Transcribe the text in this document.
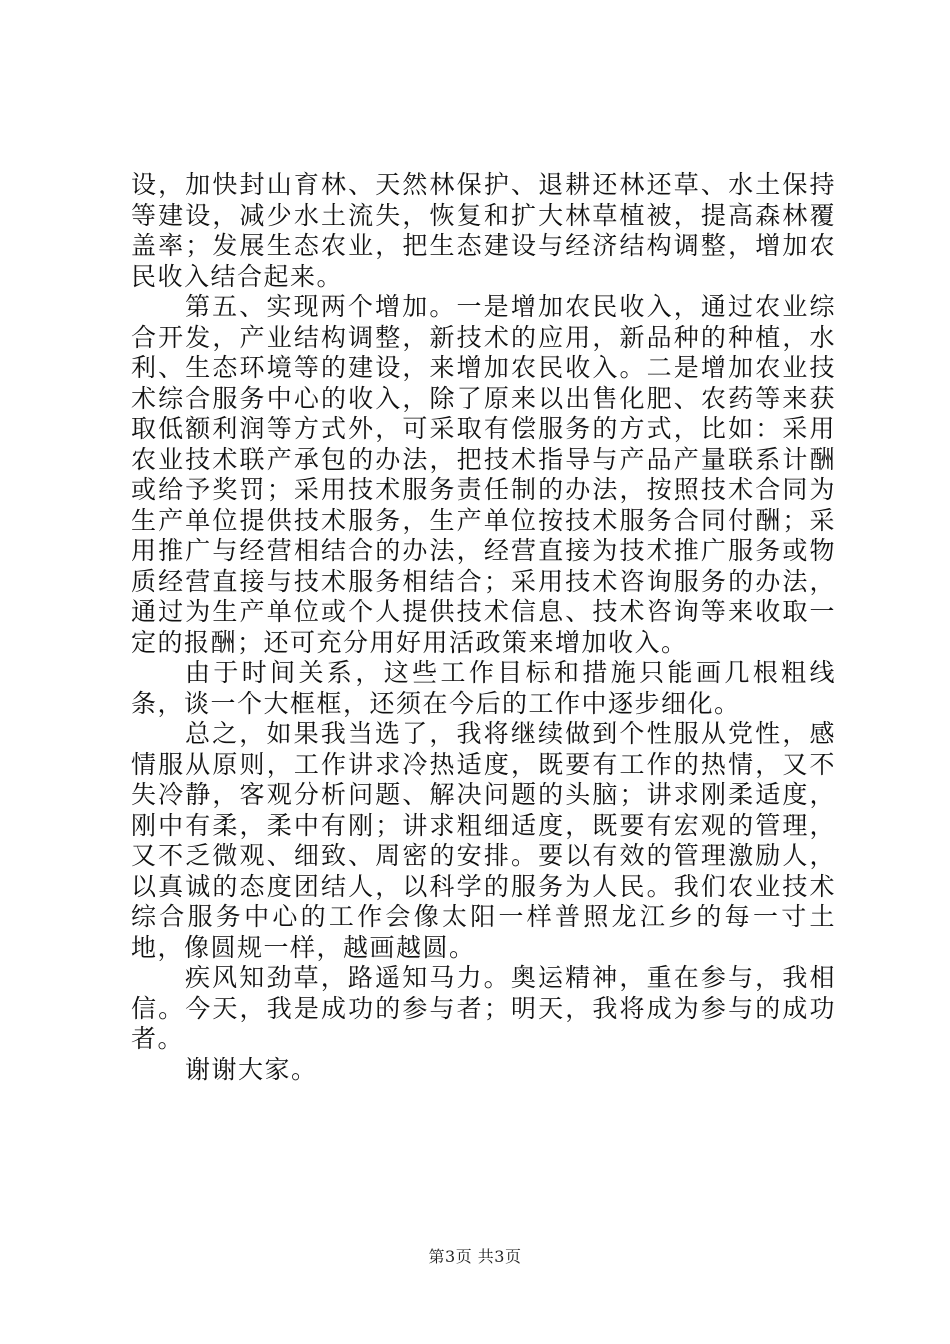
设，加快封山育林、天然林保护、退耕还林还草、水土保持等建设，减少水土流失，恢复和扩大林草植被，提高森林覆盖率；发展生态农业，把生态建设与经济结构调整，增加农民收入结合起来。

第五、实现两个增加。一是增加农民收入，通过农业综合开发，产业结构调整，新技术的应用，新品种的种植，水利、生态环境等的建设，来增加农民收入。二是增加农业技术综合服务中心的收入，除了原来以出售化肥、农药等来获取低额利润等方式外，可采取有偿服务的方式，比如：采用农业技术联产承包的办法，把技术指导与产品产量联系计酬或给予奖罚；采用技术服务责任制的办法，按照技术合同为生产单位提供技术服务，生产单位按技术服务合同付酬；采用推广与经营相结合的办法，经营直接为技术推广服务或物质经营直接与技术服务相结合；采用技术咨询服务的办法，通过为生产单位或个人提供技术信息、技术咨询等来收取一定的报酬；还可充分用好用活政策来增加收入。

由于时间关系，这些工作目标和措施只能画几根粗线条，谈一个大框框，还须在今后的工作中逐步细化。

总之，如果我当选了，我将继续做到个性服从党性，感情服从原则，工作讲求冷热适度，既要有工作的热情，又不失冷静，客观分析问题、解决问题的头脑；讲求刚柔适度，刚中有柔，柔中有刚；讲求粗细适度，既要有宏观的管理，又不乏微观、细致、周密的安排。要以有效的管理激励人，以真诚的态度团结人，以科学的服务为人民。我们农业技术综合服务中心的工作会像太阳一样普照龙江乡的每一寸土地，像圆规一样，越画越圆。

疾风知劲草，路遥知马力。奥运精神，重在参与，我相信。今天，我是成功的参与者；明天，我将成为参与的成功者。

谢谢大家。

第3页 共3页
